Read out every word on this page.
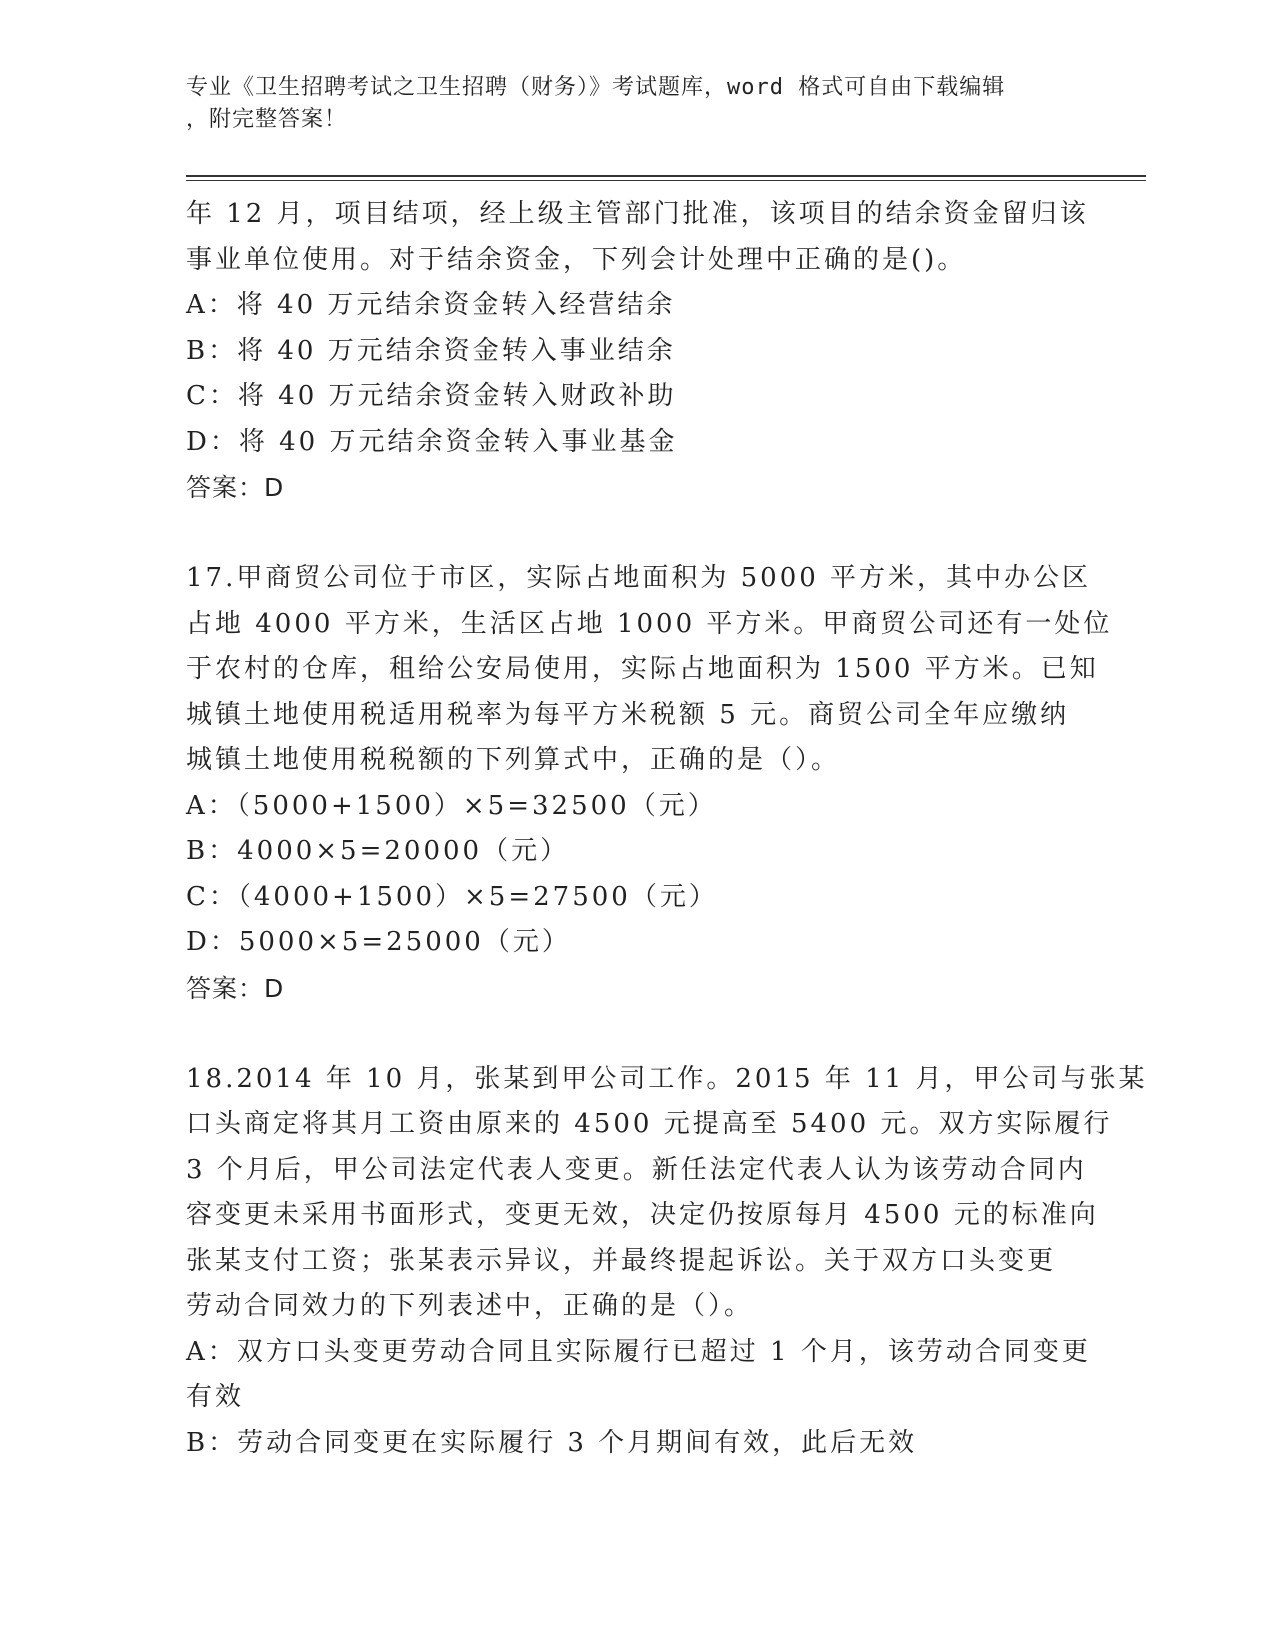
专业《卫生招聘考试之卫生招聘（财务）》考试题库，word 格式可自由下载编辑
，附完整答案！
年 12 月，项目结项，经上级主管部门批准，该项目的结余资金留归该
事业单位使用。对于结余资金，下列会计处理中正确的是()。
A：将 40 万元结余资金转入经营结余
B：将 40 万元结余资金转入事业结余
C：将 40 万元结余资金转入财政补助
D：将 40 万元结余资金转入事业基金
答案：D
17.甲商贸公司位于市区，实际占地面积为 5000 平方米，其中办公区
占地 4000 平方米，生活区占地 1000 平方米。甲商贸公司还有一处位
于农村的仓库，租给公安局使用，实际占地面积为 1500 平方米。已知
城镇土地使用税适用税率为每平方米税额 5 元。商贸公司全年应缴纳
城镇土地使用税税额的下列算式中，正确的是（）。
A：（5000+1500）×5=32500（元）
B：4000×5=20000（元）
C：（4000+1500）×5=27500（元）
D：5000×5=25000（元）
答案：D
18.2014 年 10 月，张某到甲公司工作。2015 年 11 月，甲公司与张某
口头商定将其月工资由原来的 4500 元提高至 5400 元。双方实际履行
3 个月后，甲公司法定代表人变更。新任法定代表人认为该劳动合同内
容变更未采用书面形式，变更无效，决定仍按原每月 4500 元的标准向
张某支付工资；张某表示异议，并最终提起诉讼。关于双方口头变更
劳动合同效力的下列表述中，正确的是（）。
A：双方口头变更劳动合同且实际履行已超过 1 个月，该劳动合同变更
有效
B：劳动合同变更在实际履行 3 个月期间有效，此后无效
